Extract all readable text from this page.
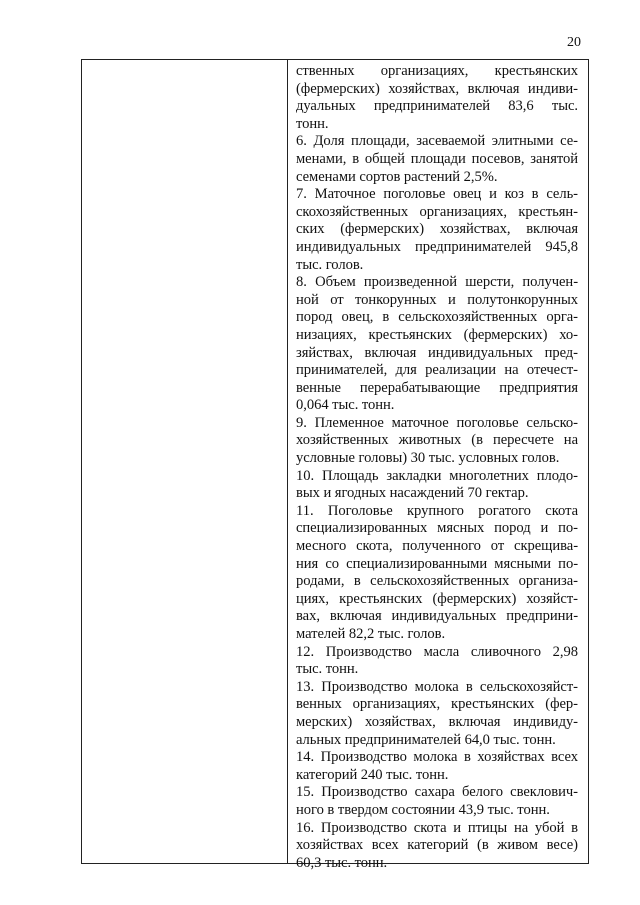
20
ственных организациях, крестьянских
(фермерских) хозяйствах, включая индиви-
дуальных предпринимателей 83,6 тыс.
тонн.
6. Доля площади, засеваемой элитными се-
менами, в общей площади посевов, занятой
семенами сортов растений 2,5%.
7. Маточное поголовье овец и коз в сель-
скохозяйственных организациях, крестьян-
ских (фермерских) хозяйствах, включая
индивидуальных предпринимателей 945,8
тыс. голов.
8. Объем произведенной шерсти, получен-
ной от тонкорунных и полутонкорунных
пород овец, в сельскохозяйственных орга-
низациях, крестьянских (фермерских) хо-
зяйствах, включая индивидуальных пред-
принимателей, для реализации на отечест-
венные перерабатывающие предприятия
0,064 тыс. тонн.
9. Племенное маточное поголовье сельско-
хозяйственных животных (в пересчете на
условные головы) 30 тыс. условных голов.
10. Площадь закладки многолетних плодо-
вых и ягодных насаждений 70 гектар.
11. Поголовье крупного рогатого скота
специализированных мясных пород и по-
месного скота, полученного от скрещива-
ния со специализированными мясными по-
родами, в сельскохозяйственных организа-
циях, крестьянских (фермерских) хозяйст-
вах, включая индивидуальных предприни-
мателей 82,2 тыс. голов.
12. Производство масла сливочного 2,98
тыс. тонн.
13. Производство молока в сельскохозяйст-
венных организациях, крестьянских (фер-
мерских) хозяйствах, включая индивиду-
альных предпринимателей 64,0 тыс. тонн.
14. Производство молока в хозяйствах всех
категорий 240 тыс. тонн.
15. Производство сахара белого свеклович-
ного в твердом состоянии 43,9 тыс. тонн.
16. Производство скота и птицы на убой в
хозяйствах всех категорий (в живом весе)
60,3 тыс. тонн.
